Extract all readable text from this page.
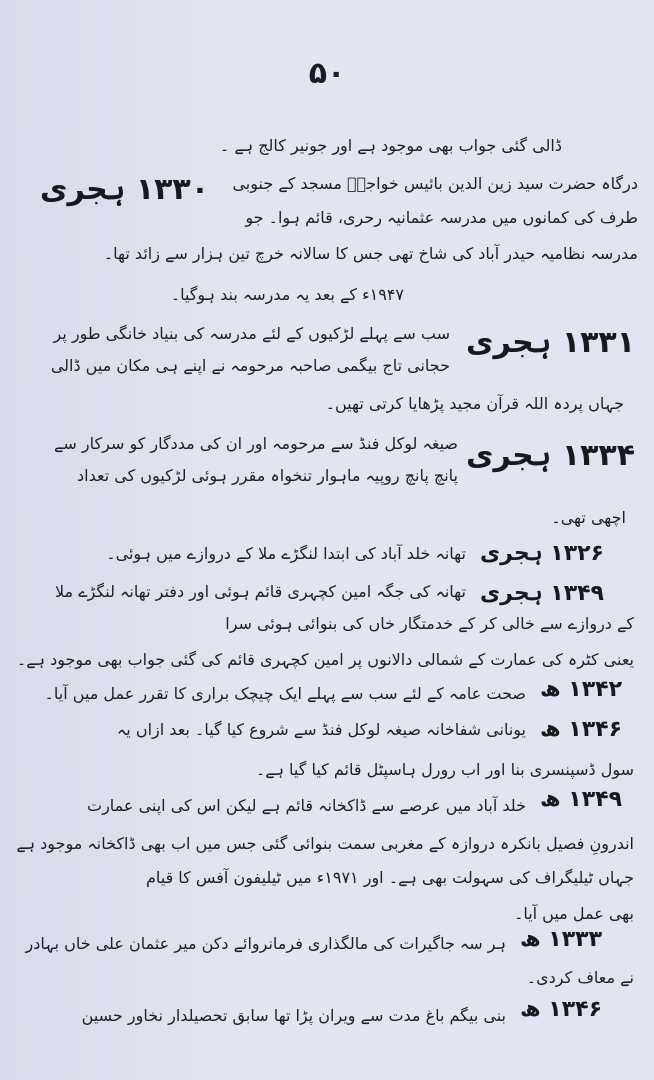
۵۰
ڈالی گئی جواب بھی موجود ہے اور جونیر کالج ہے ۔
۱۳۳۰ ہجری درگاہ حضرت سید زین الدین بائیس خواجہؒ مسجد کے جنوبی
طرف کی کمانوں میں مدرسہ عثمانیہ رحری، قائم ہوا۔ جو
مدرسہ نظامیہ حیدر آباد کی شاخ تھی جس کا سالانہ خرچ تین ہزار سے زائد تھا۔
۱۹۴۷ء کے بعد یہ مدرسہ بند ہوگیا۔
۱۳۳۱ ہجری
سب سے پہلے لڑکیوں کے لئے مدرسہ کی بنیاد خانگی طور پر
حجانی تاج بیگمی صاحبہ مرحومہ نے اپنے ہی مکان میں ڈالی
جہاں پردہ اللہ قرآن مجید پڑھایا کرتی تھیں۔
۱۳۳۴ ہجری
صیغہ لوکل فنڈ سے مرحومہ اور ان کی مددگار کو سرکار سے
پانچ پانچ روپیہ ماہوار تنخواہ مقرر ہوئی لڑکیوں کی تعداد
اچھی تھی۔
۱۳۲۶ ہجری
تھانہ خلد آباد کی ابتدا لنگڑے ملا کے دروازے میں ہوئی۔
۱۳۴۹ ہجری
تھانہ کی جگہ امین کچہری قائم ہوئی اور دفتر تھانہ لنگڑے ملا
کے دروازے سے خالی کر کے خدمتگار خاں کی بنوائی ہوئی سرا
یعنی کٹرہ کی عمارت کے شمالی دالانوں پر امین کچہری قائم کی گئی جواب بھی موجود ہے۔
۱۳۴۲ ھ
صحت عامہ کے لئے سب سے پہلے ایک چیچک براری کا تقرر عمل میں آیا۔
۱۳۴۶ ھ
یونانی شفاخانہ صیغہ لوکل فنڈ سے شروع کیا گیا۔ بعد ازاں یہ
سول ڈسپنسری بنا اور اب رورل ہاسپٹل قائم کیا گیا ہے۔
۱۳۴۹ ھ
خلد آباد میں عرصے سے ڈاکخانہ قائم ہے لیکن اس کی اپنی عمارت
اندرونِ فصیل بانکرہ دروازہ کے مغربی سمت بنوائی گئی جس میں اب بھی ڈاکخانہ موجود ہے
جہاں ٹیلیگراف کی سہولت بھی ہے۔ اور ۱۹۷۱ء میں ٹیلیفون آفس کا قیام
بھی عمل میں آیا۔
۱۳۳۳ ھ
ہر سہ جاگیرات کی مالگذاری فرمانروائے دکن میر عثمان علی خاں بہادر
نے معاف کردی۔
۱۳۴۶ ھ
بنی بیگم باغ مدت سے ویران پڑا تھا سابق تحصیلدار نخاور حسین
